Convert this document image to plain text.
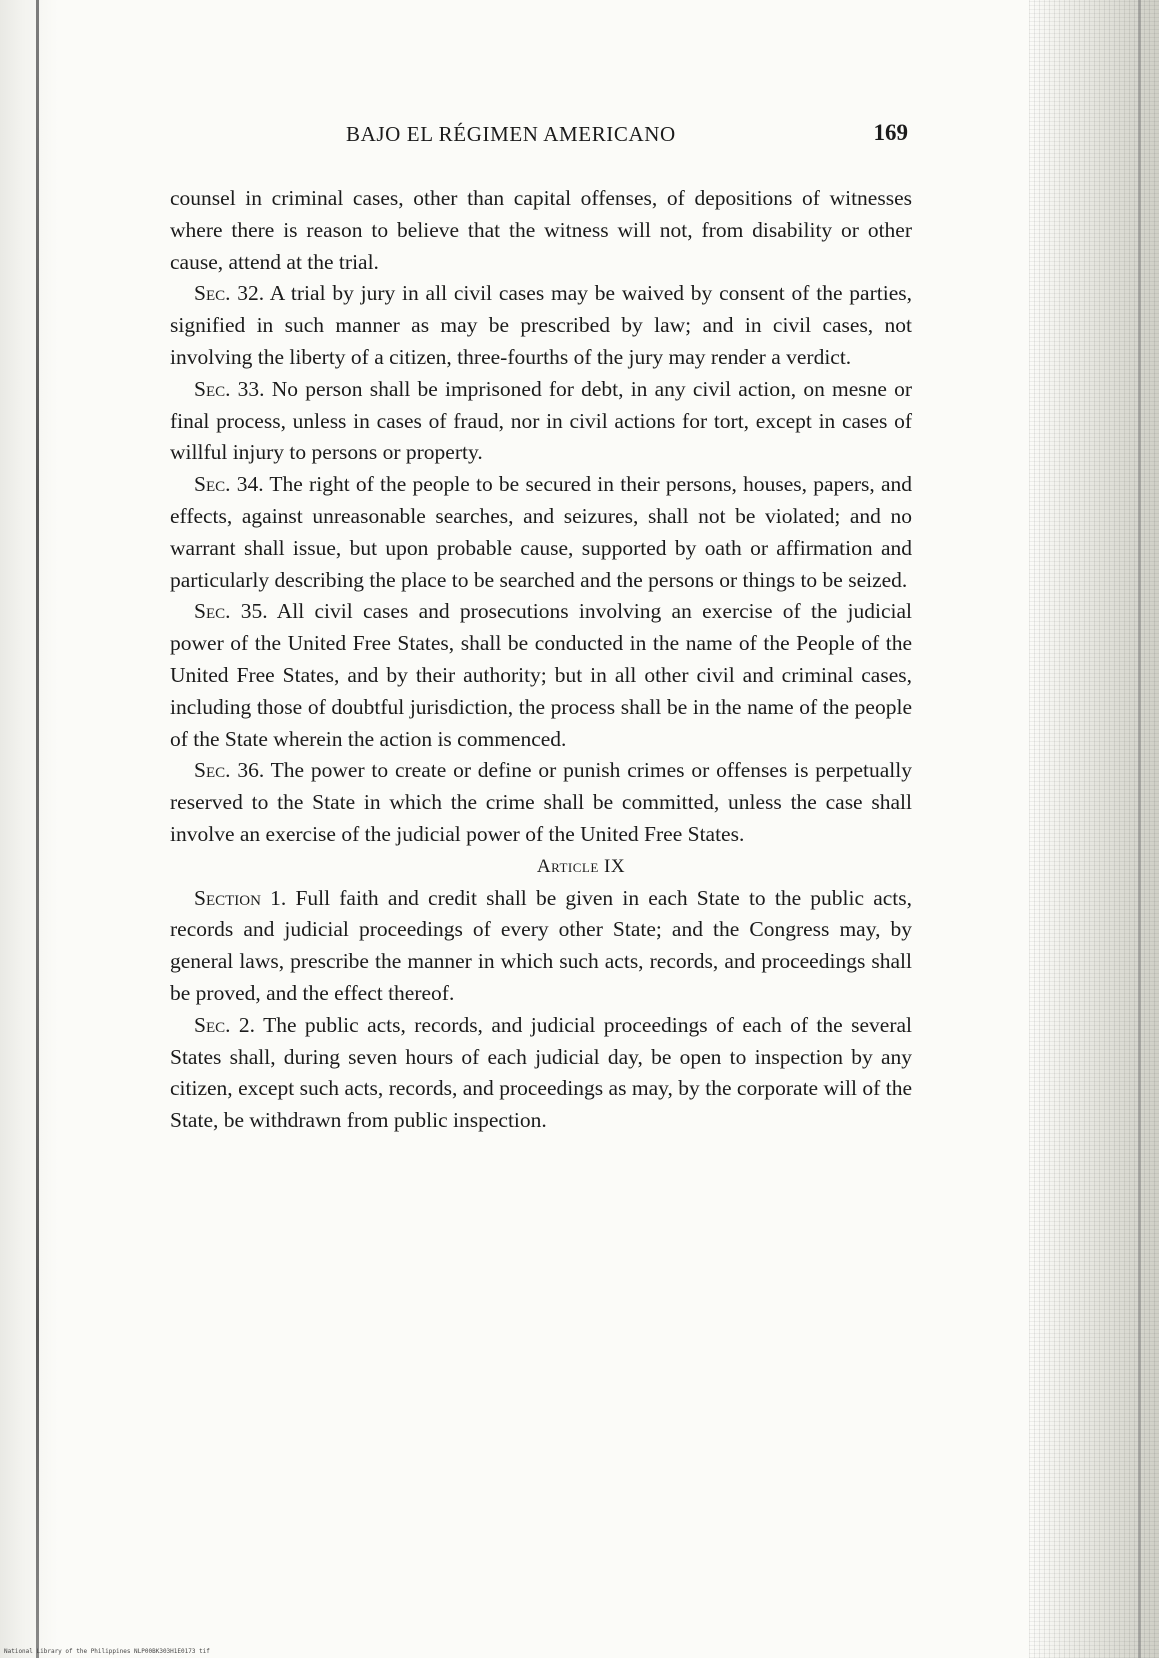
BAJO EL RÉGIMEN AMERICANO	169

counsel in criminal cases, other than capital offenses, of depositions of witnesses where there is reason to believe that the witness will not, from disability or other cause, attend at the trial.

Sec. 32. A trial by jury in all civil cases may be waived by consent of the parties, signified in such manner as may be prescribed by law; and in civil cases, not involving the liberty of a citizen, three-fourths of the jury may render a verdict.

Sec. 33. No person shall be imprisoned for debt, in any civil action, on mesne or final process, unless in cases of fraud, nor in civil actions for tort, except in cases of willful injury to persons or property.

Sec. 34. The right of the people to be secured in their persons, houses, papers, and effects, against unreasonable searches, and seizures, shall not be violated; and no warrant shall issue, but upon probable cause, supported by oath or affirmation and particularly describing the place to be searched and the persons or things to be seized.

Sec. 35. All civil cases and prosecutions involving an exercise of the judicial power of the United Free States, shall be conducted in the name of the People of the United Free States, and by their authority; but in all other civil and criminal cases, including those of doubtful jurisdiction, the process shall be in the name of the people of the State wherein the action is commenced.

Sec. 36. The power to create or define or punish crimes or offenses is perpetually reserved to the State in which the crime shall be committed, unless the case shall involve an exercise of the judicial power of the United Free States.

Article IX

Section 1. Full faith and credit shall be given in each State to the public acts, records and judicial proceedings of every other State; and the Congress may, by general laws, prescribe the manner in which such acts, records, and proceedings shall be proved, and the effect thereof.

Sec. 2. The public acts, records, and judicial proceedings of each of the several States shall, during seven hours of each judicial day, be open to inspection by any citizen, except such acts, records, and proceedings as may, by the corporate will of the State, be withdrawn from public inspection.

National Library of the Philippines NLP00BK303H1E0173 tif
